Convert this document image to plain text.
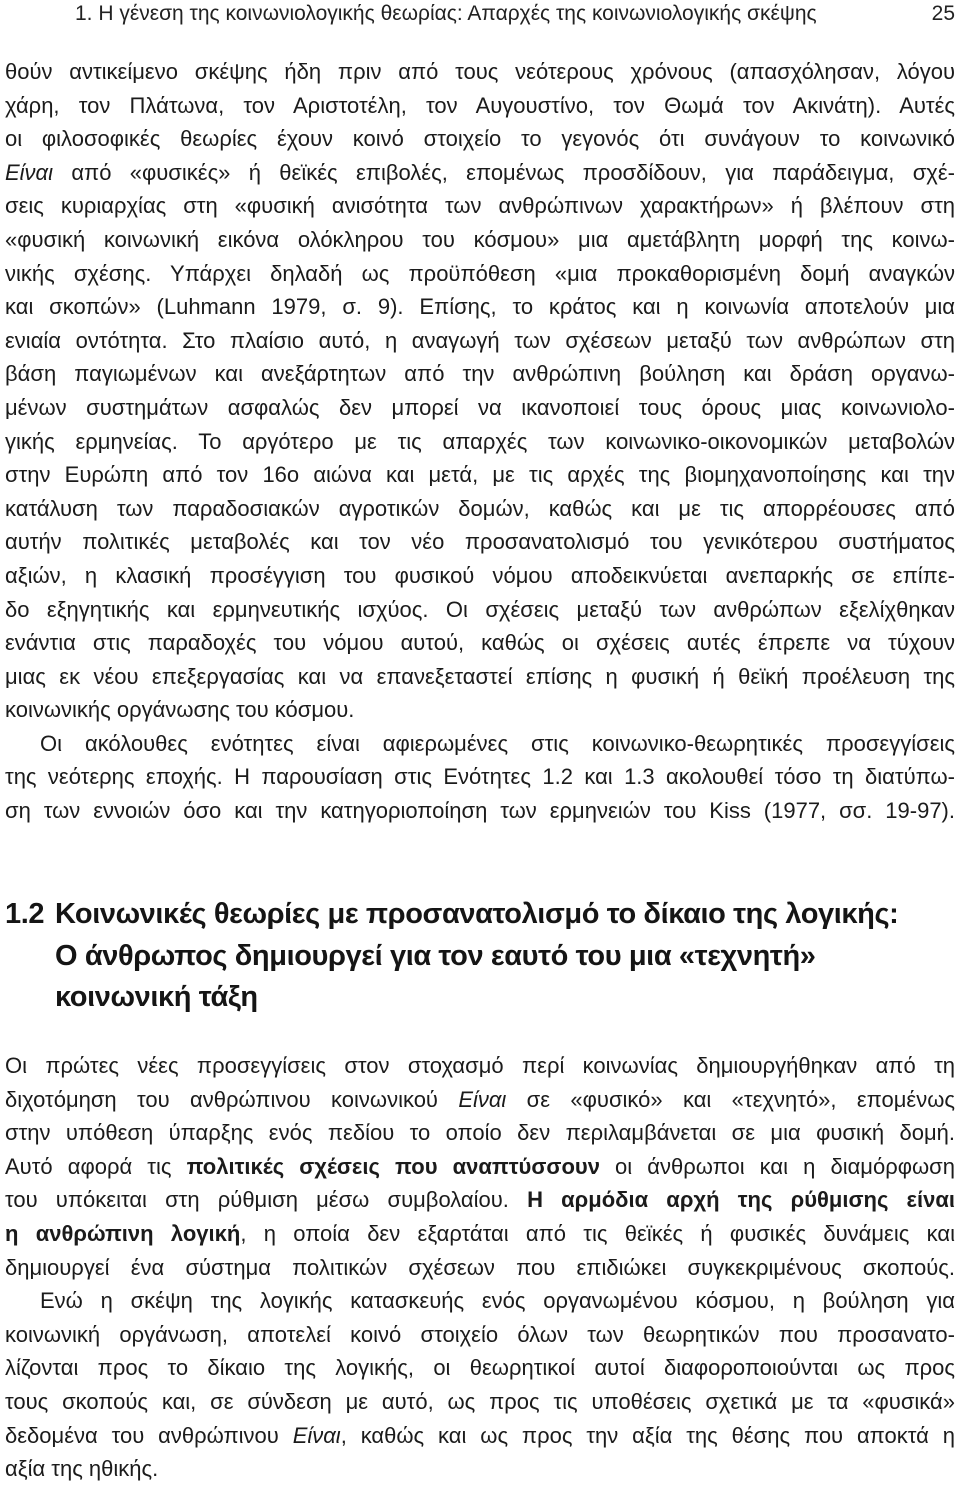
1. Η γένεση της κοινωνιολογικής θεωρίας: Απαρχές της κοινωνιολογικής σκέψης	25
θούν αντικείμενο σκέψης ήδη πριν από τους νεότερους χρόνους (απασχόλησαν, λόγου
χάρη, τον Πλάτωνα, τον Αριστοτέλη, τον Αυγουστίνο, τον Θωμά τον Ακινάτη). Αυτές
οι φιλοσοφικές θεωρίες έχουν κοινό στοιχείο το γεγονός ότι συνάγουν το κοινωνικό
Είναι από «φυσικές» ή θεϊκές επιβολές, επομένως προσδίδουν, για παράδειγμα, σχέ-
σεις κυριαρχίας στη «φυσική ανισότητα των ανθρώπινων χαρακτήρων» ή βλέπουν στη
«φυσική κοινωνική εικόνα ολόκληρου του κόσμου» μια αμετάβλητη μορφή της κοινω-
νικής σχέσης. Υπάρχει δηλαδή ως προϋπόθεση «μια προκαθορισμένη δομή αναγκών
και σκοπών» (Luhmann 1979, σ. 9). Επίσης, το κράτος και η κοινωνία αποτελούν μια
ενιαία οντότητα. Στο πλαίσιο αυτό, η αναγωγή των σχέσεων μεταξύ των ανθρώπων στη
βάση παγιωμένων και ανεξάρτητων από την ανθρώπινη βούληση και δράση οργανω-
μένων συστημάτων ασφαλώς δεν μπορεί να ικανοποιεί τους όρους μιας κοινωνιολο-
γικής ερμηνείας. Το αργότερο με τις απαρχές των κοινωνικο-οικονομικών μεταβολών
στην Ευρώπη από τον 16ο αιώνα και μετά, με τις αρχές της βιομηχανοποίησης και την
κατάλυση των παραδοσιακών αγροτικών δομών, καθώς και με τις απορρέουσες από
αυτήν πολιτικές μεταβολές και τον νέο προσανατολισμό του γενικότερου συστήματος
αξιών, η κλασική προσέγγιση του φυσικού νόμου αποδεικνύεται ανεπαρκής σε επίπε-
δο εξηγητικής και ερμηνευτικής ισχύος. Οι σχέσεις μεταξύ των ανθρώπων εξελίχθηκαν
ενάντια στις παραδοχές του νόμου αυτού, καθώς οι σχέσεις αυτές έπρεπε να τύχουν
μιας εκ νέου επεξεργασίας και να επανεξεταστεί επίσης η φυσική ή θεϊκή προέλευση της
κοινωνικής οργάνωσης του κόσμου.
Οι ακόλουθες ενότητες είναι αφιερωμένες στις κοινωνικο-θεωρητικές προσεγγίσεις
της νεότερης εποχής. Η παρουσίαση στις Ενότητες 1.2 και 1.3 ακολουθεί τόσο τη διατύπω-
ση των εννοιών όσο και την κατηγοριοποίηση των ερμηνειών του Kiss (1977, σσ. 19-97).
1.2 Κοινωνικές θεωρίες με προσανατολισμό το δίκαιο της λογικής:
Ο άνθρωπος δημιουργεί για τον εαυτό του μια «τεχνητή»
κοινωνική τάξη
Οι πρώτες νέες προσεγγίσεις στον στοχασμό περί κοινωνίας δημιουργήθηκαν από τη
διχοτόμηση του ανθρώπινου κοινωνικού Είναι σε «φυσικό» και «τεχνητό», επομένως
στην υπόθεση ύπαρξης ενός πεδίου το οποίο δεν περιλαμβάνεται σε μια φυσική δομή.
Αυτό αφορά τις πολιτικές σχέσεις που αναπτύσσουν οι άνθρωποι και η διαμόρφωση
του υπόκειται στη ρύθμιση μέσω συμβολαίου. Η αρμόδια αρχή της ρύθμισης είναι
η ανθρώπινη λογική, η οποία δεν εξαρτάται από τις θεϊκές ή φυσικές δυνάμεις και
δημιουργεί ένα σύστημα πολιτικών σχέσεων που επιδιώκει συγκεκριμένους σκοπούς.
Ενώ η σκέψη της λογικής κατασκευής ενός οργανωμένου κόσμου, η βούληση για
κοινωνική οργάνωση, αποτελεί κοινό στοιχείο όλων των θεωρητικών που προσανατο-
λίζονται προς το δίκαιο της λογικής, οι θεωρητικοί αυτοί διαφοροποιούνται ως προς
τους σκοπούς και, σε σύνδεση με αυτό, ως προς τις υποθέσεις σχετικά με τα «φυσικά»
δεδομένα του ανθρώπινου Είναι, καθώς και ως προς την αξία της θέσης που αποκτά η
αξία της ηθικής.
